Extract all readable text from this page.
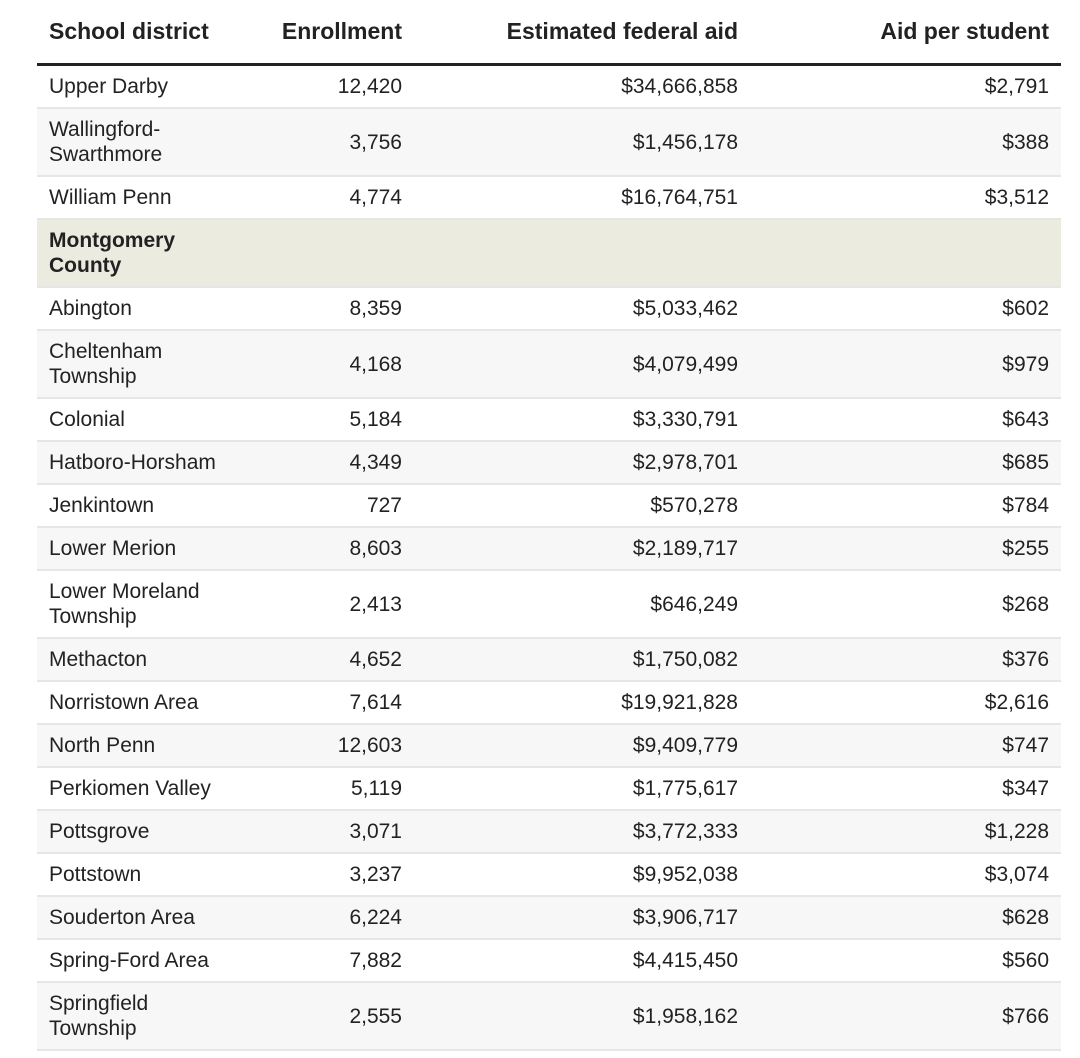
School district	Enrollment	Estimated federal aid	Aid per student
Upper Darby	12,420	$34,666,858	$2,791
Wallingford-
Swarthmore	3,756	$1,456,178	$388
William Penn	4,774	$16,764,751	$3,512
Montgomery
County			
Abington	8,359	$5,033,462	$602
Cheltenham
Township	4,168	$4,079,499	$979
Colonial	5,184	$3,330,791	$643
Hatboro-Horsham	4,349	$2,978,701	$685
Jenkintown	727	$570,278	$784
Lower Merion	8,603	$2,189,717	$255
Lower Moreland
Township	2,413	$646,249	$268
Methacton	4,652	$1,750,082	$376
Norristown Area	7,614	$19,921,828	$2,616
North Penn	12,603	$9,409,779	$747
Perkiomen Valley	5,119	$1,775,617	$347
Pottsgrove	3,071	$3,772,333	$1,228
Pottstown	3,237	$9,952,038	$3,074
Souderton Area	6,224	$3,906,717	$628
Spring-Ford Area	7,882	$4,415,450	$560
Springfield
Township	2,555	$1,958,162	$766
